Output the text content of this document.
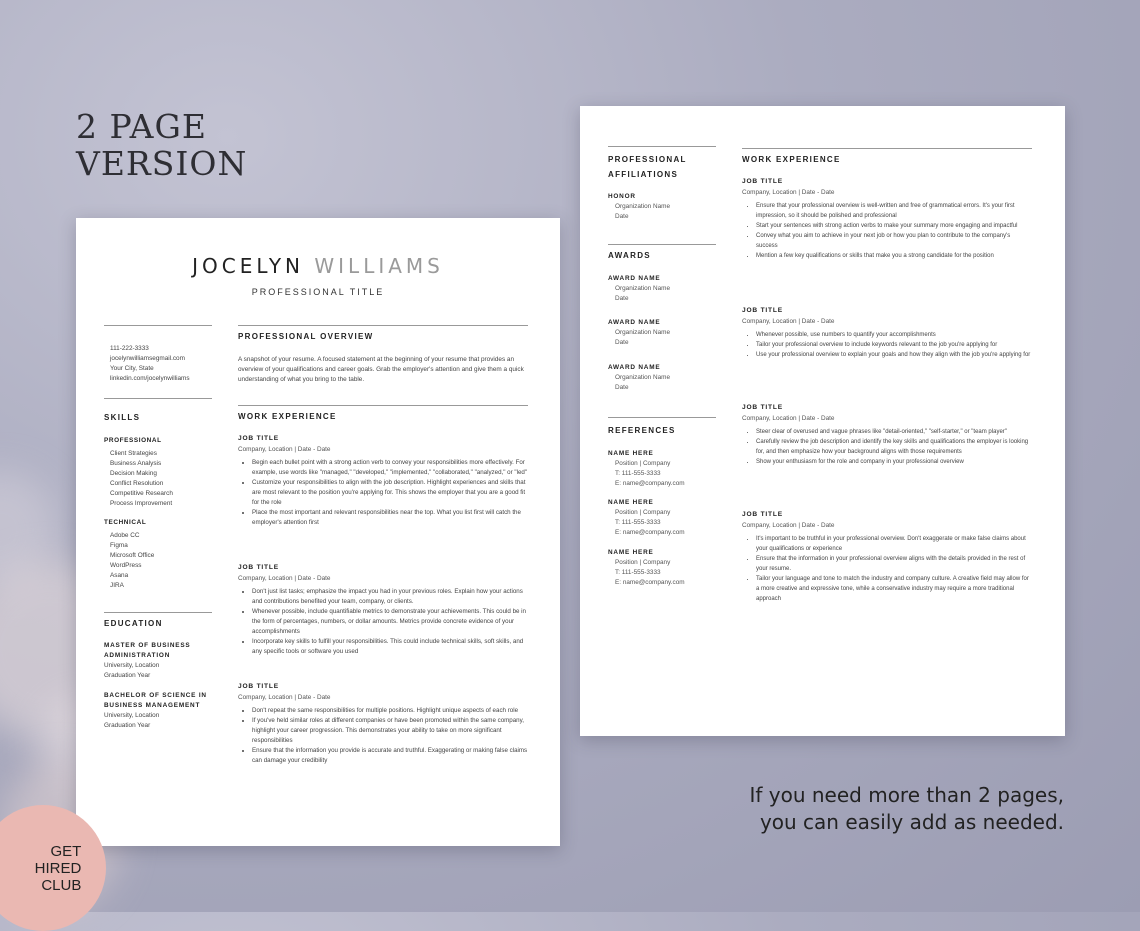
2 PAGE
VERSION
JOCELYN WILLIAMS
PROFESSIONAL TITLE
111-222-3333
jocelynwilliamsegmail.com
Your City, State
linkedin.com/jocelynwilliams
SKILLS
PROFESSIONAL
Client Strategies
Business Analysis
Decision Making
Conflict Resolution
Competitive Research
Process Improvement
TECHNICAL
Adobe CC
Figma
Microsoft Office
WordPress
Asana
JIRA
EDUCATION
MASTER OF BUSINESS ADMINISTRATION
University, Location
Graduation Year
BACHELOR OF SCIENCE IN BUSINESS MANAGEMENT
University, Location
Graduation Year
PROFESSIONAL OVERVIEW
A snapshot of your resume. A focused statement at the beginning of your resume that provides an overview of your qualifications and career goals. Grab the employer's attention and give them a quick understanding of what you bring to the table.
WORK EXPERIENCE
JOB TITLE
Company, Location | Date - Date
• Begin each bullet point with a strong action verb to convey your responsibilities more effectively. For example, use words like "managed," "developed," "implemented," "collaborated," "analyzed," or "led"
• Customize your responsibilities to align with the job description. Highlight experiences and skills that are most relevant to the position you're applying for. This shows the employer that you are a good fit for the role
• Place the most important and relevant responsibilities near the top. What you list first will catch the employer's attention first
JOB TITLE
Company, Location | Date - Date
• Don't just list tasks; emphasize the impact you had in your previous roles. Explain how your actions and contributions benefited your team, company, or clients.
• Whenever possible, include quantifiable metrics to demonstrate your achievements. This could be in the form of percentages, numbers, or dollar amounts. Metrics provide concrete evidence of your accomplishments
• Incorporate key skills to fulfill your responsibilities. This could include technical skills, soft skills, and any specific tools or software you used
JOB TITLE
Company, Location | Date - Date
• Don't repeat the same responsibilities for multiple positions. Highlight unique aspects of each role
• If you've held similar roles at different companies or have been promoted within the same company, highlight your career progression. This demonstrates your ability to take on more significant responsibilities
• Ensure that the information you provide is accurate and truthful. Exaggerating or making false claims can damage your credibility
PROFESSIONAL
AFFILIATIONS
HONOR
Organization Name
Date
AWARDS
AWARD NAME
Organization Name
Date
AWARD NAME
Organization Name
Date
AWARD NAME
Organization Name
Date
REFERENCES
NAME HERE
Position | Company
T: 111-555-3333
E: name@company.com
NAME HERE
Position | Company
T: 111-555-3333
E: name@company.com
NAME HERE
Position | Company
T: 111-555-3333
E: name@company.com
WORK EXPERIENCE
JOB TITLE
Company, Location | Date - Date
• Ensure that your professional overview is well-written and free of grammatical errors. It's your first impression, so it should be polished and professional
• Start your sentences with strong action verbs to make your summary more engaging and impactful
• Convey what you aim to achieve in your next job or how you plan to contribute to the company's success
• Mention a few key qualifications or skills that make you a strong candidate for the position
JOB TITLE
Company, Location | Date - Date
• Whenever possible, use numbers to quantify your accomplishments
• Tailor your professional overview to include keywords relevant to the job you're applying for
• Use your professional overview to explain your goals and how they align with the job you're applying for
JOB TITLE
Company, Location | Date - Date
• Steer clear of overused and vague phrases like "detail-oriented," "self-starter," or "team player"
• Carefully review the job description and identify the key skills and qualifications the employer is looking for, and then emphasize how your background aligns with those requirements
• Show your enthusiasm for the role and company in your professional overview
JOB TITLE
Company, Location | Date - Date
• It's important to be truthful in your professional overview. Don't exaggerate or make false claims about your qualifications or experience
• Ensure that the information in your professional overview aligns with the details provided in the rest of your resume.
• Tailor your language and tone to match the industry and company culture. A creative field may allow for a more creative and expressive tone, while a conservative industry may require a more traditional approach
If you need more than 2 pages,
you can easily add as needed.
GET
HIRED
CLUB
